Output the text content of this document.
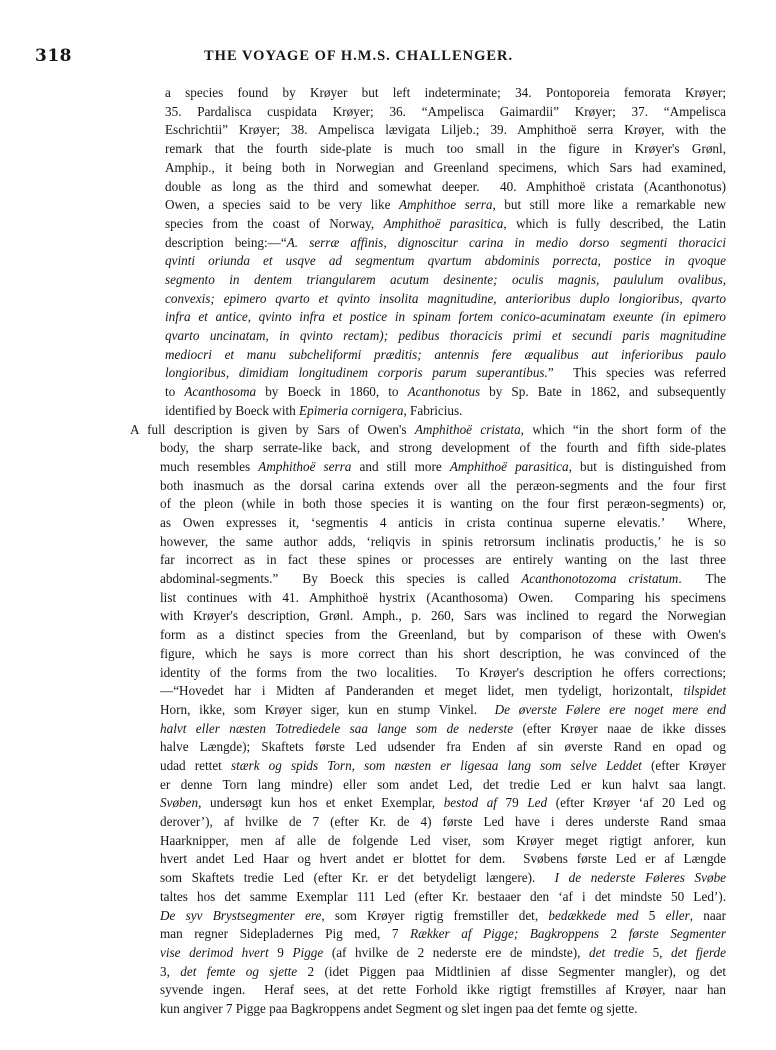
318	THE VOYAGE OF H.M.S. CHALLENGER.
a species found by Krøyer but left indeterminate; 34. Pontoporeia femorata Krøyer;
35. Pardalisca cuspidata Krøyer; 36. “Ampelisca Gaimardii” Krøyer; 37. “Ampelisca
Eschrichtii” Krøyer; 38. Ampelisca lævigata Liljeb.; 39. Amphithoë serra Krøyer, with the
remark that the fourth side-plate is much too small in the figure in Krøyer's Grønl,
Amphip., it being both in Norwegian and Greenland specimens, which Sars had examined,
double as long as the third and somewhat deeper.  40. Amphithoë cristata (Acanthonotus)
Owen, a species said to be very like Amphithoe serra, but still more like a remarkable new
species from the coast of Norway, Amphithoë parasitica, which is fully described, the Latin
description being:—“A. serræ affinis, dignoscitur carina in medio dorso segmenti thoracici
qvinti oriunda et usqve ad segmentum qvartum abdominis porrecta, postice in qvoque
segmento in dentem triangularem acutum desinente; oculis magnis, paululum ovalibus,
convexis; epimero qvarto et qvinto insolita magnitudine, anterioribus duplo longioribus, qvarto
infra et antice, qvinto infra et postice in spinam fortem conico-acuminatam exeunte (in epimero
qvarto uncinatam, in qvinto rectam); pedibus thoracicis primi et secundi paris magnitudine
mediocri et manu subcheliformi præditis; antennis fere æqualibus aut inferioribus paulo
longioribus, dimidiam longitudinem corporis parum superantibus.”  This species was referred
to Acanthosoma by Boeck in 1860, to Acanthonotus by Sp. Bate in 1862, and subsequently
identified by Boeck with Epimeria cornigera, Fabricius.
A full description is given by Sars of Owen's Amphithoë cristata, which “in the short form of the
body, the sharp serrate-like back, and strong development of the fourth and fifth side-plates
much resembles Amphithoë serra and still more Amphithoë parasitica, but is distinguished from
both inasmuch as the dorsal carina extends over all the peræon-segments and the four first
of the pleon (while in both those species it is wanting on the four first peræon-segments) or,
as Owen expresses it, ‘segmentis 4 anticis in crista continua superne elevatis.’  Where,
however, the same author adds, ‘reliqvis in spinis retrorsum inclinatis productis,’ he is so
far incorrect as in fact these spines or processes are entirely wanting on the last three
abdominal-segments.”  By Boeck this species is called Acanthonotozoma cristatum.  The
list continues with 41. Amphithoë hystrix (Acanthosoma) Owen.  Comparing his specimens
with Krøyer's description, Grønl. Amph., p. 260, Sars was inclined to regard the Norwegian
form as a distinct species from the Greenland, but by comparison of these with Owen's
figure, which he says is more correct than his short description, he was convinced of the
identity of the forms from the two localities.  To Krøyer's description he offers corrections;
—“Hovedet har i Midten af Panderanden et meget lidet, men tydeligt, horizontalt, tilspidet
Horn, ikke, som Krøyer siger, kun en stump Vinkel.  De øverste Følere ere noget mere end
halvt eller næsten Totrediedele saa lange som de nederste (efter Krøyer naae de ikke disses
halve Længde); Skaftets første Led udsender fra Enden af sin øverste Rand en opad og
udad rettet stærk og spids Torn, som næsten er ligesaa lang som selve Leddet (efter Krøyer
er denne Torn lang mindre) eller som andet Led, det tredie Led er kun halvt saa langt.
Svøben, undersøgt kun hos et enket Exemplar, bestod af 79 Led (efter Krøyer ‘af 20 Led og
derover’), af hvilke de 7 (efter Kr. de 4) første Led have i deres underste Rand smaa
Haarknipper, men af alle de folgende Led viser, som Krøyer meget rigtigt anforer, kun
hvert andet Led Haar og hvert andet er blottet for dem.  Svøbens første Led er af Længde
som Skaftets tredie Led (efter Kr. er det betydeligt længere).  I de nederste Føleres Svøbe
taltes hos det samme Exemplar 111 Led (efter Kr. bestaaer den ‘af i det mindste 50 Led’).
De syv Brystsegmenter ere, som Krøyer rigtig fremstiller det, bedækkede med 5 eller, naar
man regner Sidepladernes Pig med, 7 Rækker af Pigge; Bagkroppens 2 første Segmenter
vise derimod hvert 9 Pigge (af hvilke de 2 nederste ere de mindste), det tredie 5, det fjerde
3, det femte og sjette 2 (idet Piggen paa Midtlinien af disse Segmenter mangler), og det
syvende ingen.  Heraf sees, at det rette Forhold ikke rigtigt fremstilles af Krøyer, naar han
kun angiver 7 Pigge paa Bagkroppens andet Segment og slet ingen paa det femte og sjette.
